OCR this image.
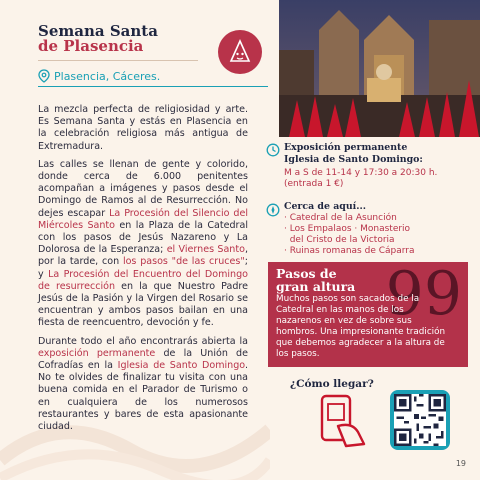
Semana Santa
de Plasencia
Plasencia, Cáceres.

La mezcla perfecta de religiosidad y arte. Es Semana Santa y estás en Plasencia en la celebración religiosa más antigua de Extremadura.

Las calles se llenan de gente y colorido, donde cerca de 6.000 penitentes acompañan a imágenes y pasos desde el Domingo de Ramos al de Resurrección. No dejes escapar La Procesión del Silencio del Miércoles Santo en la Plaza de la Catedral con los pasos de Jesús Nazareno y La Dolorosa de la Esperanza; el Viernes Santo, por la tarde, con los pasos "de las cruces"; y La Procesión del Encuentro del Domingo de resurrección en la que Nuestro Padre Jesús de la Pasión y la Virgen del Rosario se encuentran y ambos pasos bailan en una fiesta de reencuentro, devoción y fe.

Durante todo el año encontrarás abierta la exposición permanente de la Unión de Cofradías en la Iglesia de Santo Domingo. No te olvides de finalizar tu visita con una buena comida en el Parador de Turismo o en cualquiera de los numerosos restaurantes y bares de esta apasionante ciudad.

Exposición permanente
Iglesia de Santo Domingo:
M a S de 11-14 y 17:30 a 20:30 h. (entrada 1 €)
Cerca de aquí...
· Catedral de la Asunción
· Los Empalaos · Monasterio
del Cristo de la Victoria
· Ruinas romanas de Cáparra
99
Pasos de
gran altura
Muchos pasos son sacados de la Catedral en las manos de los nazarenos en vez de sobre sus hombros. Una impresionante tradición que debemos agradecer a la altura de los pasos.
¿Cómo llegar?
19
